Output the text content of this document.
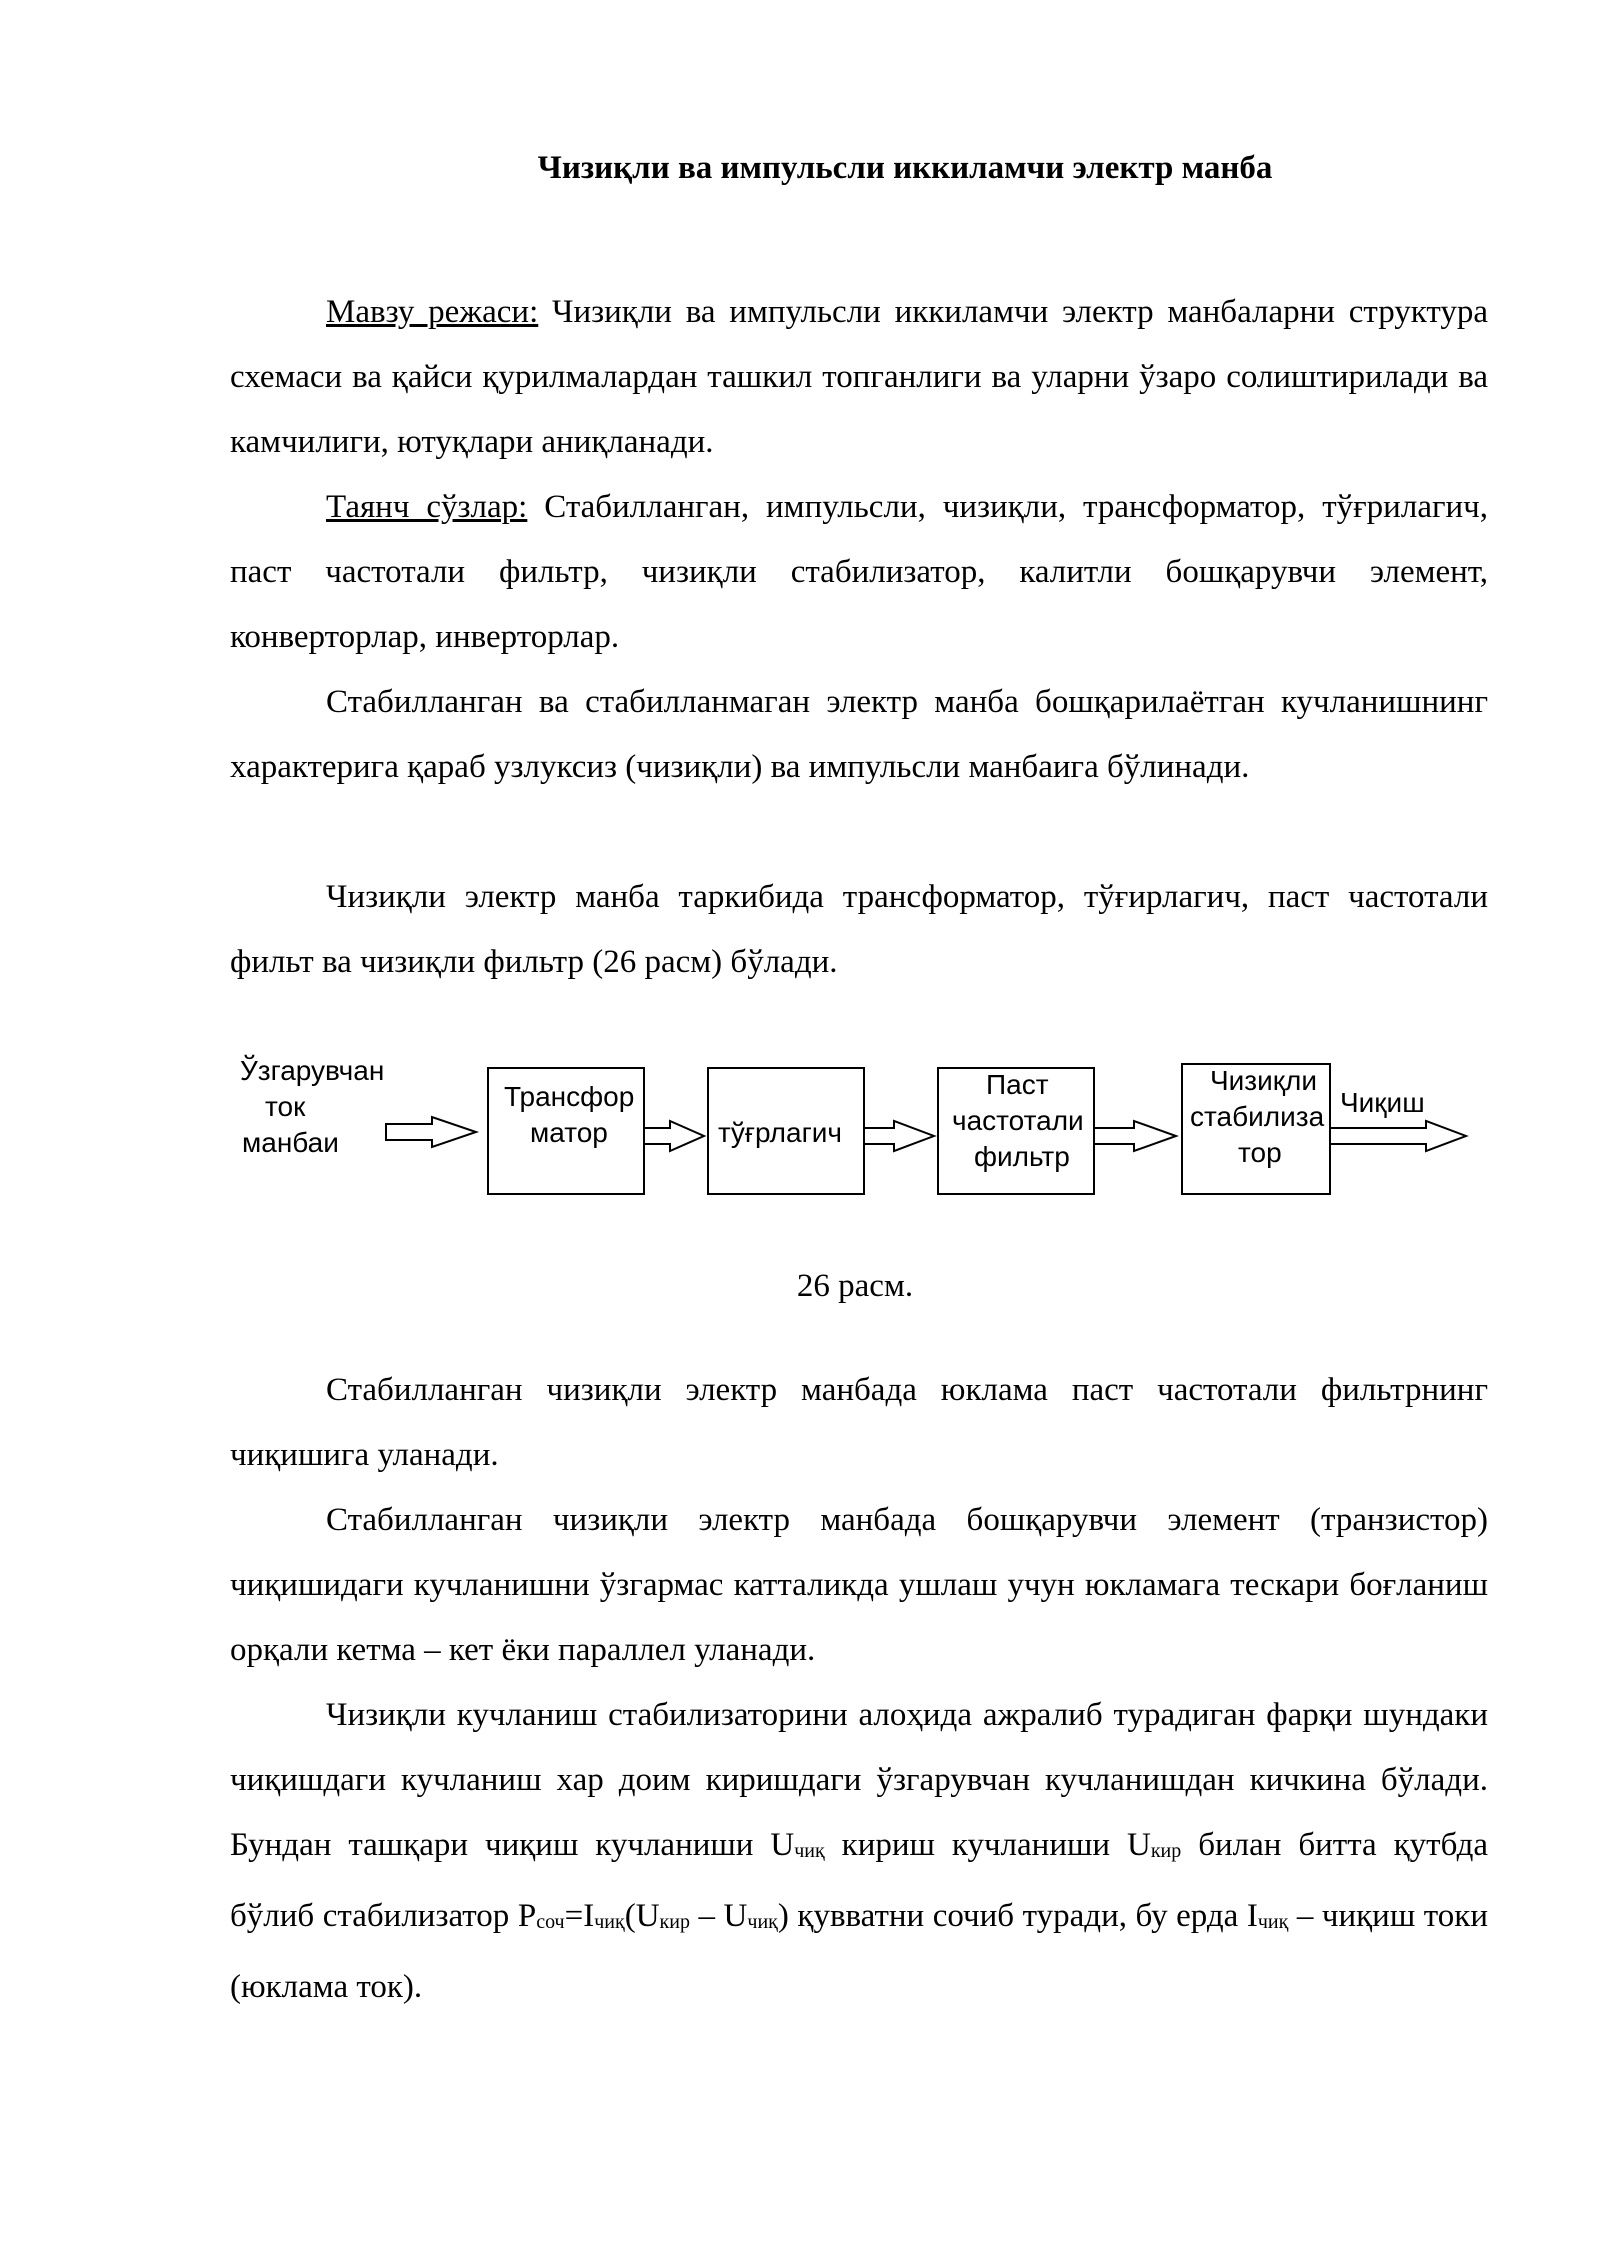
Чизиқли ва импульсли иккиламчи электр манба

Мавзу режаси: Чизиқли ва импульсли иккиламчи электр манбаларни структура схемаси ва қайси қурилмалардан ташкил топганлиги ва уларни ўзаро солиштирилади ва камчилиги, ютуқлари аниқланади.

Таянч сўзлар: Стабилланган, импульсли, чизиқли, трансформатор, тўғрилагич, паст частотали фильтр, чизиқли стабилизатор, калитли бошқарувчи элемент, конверторлар, инверторлар.

Стабилланган ва стабилланмаган электр манба бошқарилаётган кучланишнинг характерига қараб узлуксиз (чизиқли) ва импульсли манбаига бўлинади.

Чизиқли электр манба таркибида трансформатор, тўғирлагич, паст частотали фильт ва чизиқли фильтр (26 расм) бўлади.

Ўзгарувчан
ток
манбаи
Трансфор
матор	тўғрлагич
Паст
частотали
фильтр
Чизиқли
стабилиза
тор
Чиқиш
26 расм.

Стабилланган чизиқли электр манбада юклама паст частотали фильтрнинг чиқишига уланади.

Стабилланган чизиқли электр манбада бошқарувчи элемент (транзистор) чиқишидаги кучланишни ўзгармас катталикда ушлаш учун юкламага тескари боғланиш орқали кетма – кет ёки параллел уланади.

Чизиқли кучланиш стабилизаторини алоҳида ажралиб турадиган фарқи шундаки чиқишдаги кучланиш хар доим киришдаги ўзгарувчан кучланишдан кичкина бўлади. Бундан ташқари чиқиш кучланиши $U_{чиқ}$ кириш кучланиши $U_{кир}$ билан битта қутбда бўлиб стабилизатор $P_{соч}=I_{чиқ}(U_{кир} - U_{чиқ})$ қувватни сочиб туради, бу ерда $I_{чиқ}$ – чиқиш токи (юклама ток).
